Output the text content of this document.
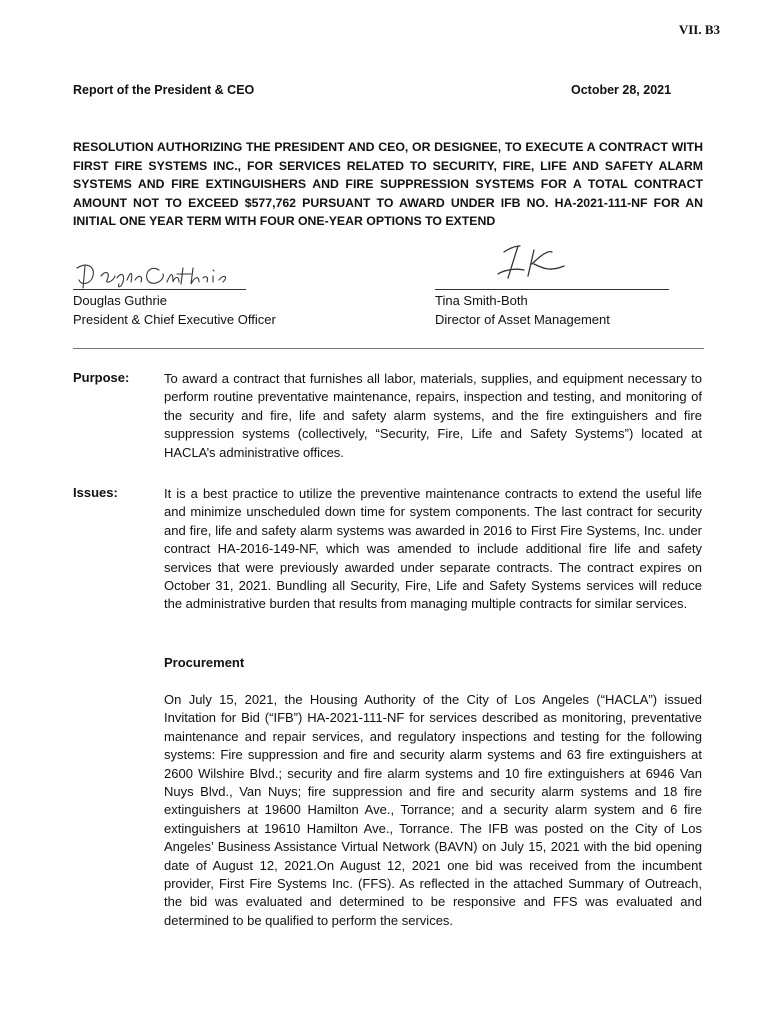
VII. B3
Report of the President & CEO	October 28, 2021
RESOLUTION AUTHORIZING THE PRESIDENT AND CEO, OR DESIGNEE, TO EXECUTE A CONTRACT WITH FIRST FIRE SYSTEMS INC., FOR SERVICES RELATED TO SECURITY, FIRE, LIFE AND SAFETY ALARM SYSTEMS AND FIRE EXTINGUISHERS AND FIRE SUPPRESSION SYSTEMS FOR A TOTAL CONTRACT AMOUNT NOT TO EXCEED $577,762 PURSUANT TO AWARD UNDER IFB NO. HA-2021-111-NF FOR AN INITIAL ONE YEAR TERM WITH FOUR ONE-YEAR OPTIONS TO EXTEND
Douglas Guthrie
President & Chief Executive Officer
Tina Smith-Both
Director of Asset Management
Purpose:	To award a contract that furnishes all labor, materials, supplies, and equipment necessary to perform routine preventative maintenance, repairs, inspection and testing, and monitoring of the security and fire, life and safety alarm systems, and the fire extinguishers and fire suppression systems (collectively, “Security, Fire, Life and Safety Systems”) located at HACLA’s administrative offices.
Issues:	It is a best practice to utilize the preventive maintenance contracts to extend the useful life and minimize unscheduled down time for system components. The last contract for security and fire, life and safety alarm systems was awarded in 2016 to First Fire Systems, Inc. under contract HA-2016-149-NF, which was amended to include additional fire life and safety services that were previously awarded under separate contracts. The contract expires on October 31, 2021. Bundling all Security, Fire, Life and Safety Systems services will reduce the administrative burden that results from managing multiple contracts for similar services.
Procurement
On July 15, 2021, the Housing Authority of the City of Los Angeles (“HACLA”) issued Invitation for Bid (“IFB”) HA-2021-111-NF for services described as monitoring, preventative maintenance and repair services, and regulatory inspections and testing for the following systems: Fire suppression and fire and security alarm systems and 63 fire extinguishers at 2600 Wilshire Blvd.; security and fire alarm systems and 10 fire extinguishers at 6946 Van Nuys Blvd., Van Nuys; fire suppression and fire and security alarm systems and 18 fire extinguishers at 19600 Hamilton Ave., Torrance; and a security alarm system and 6 fire extinguishers at 19610 Hamilton Ave., Torrance. The IFB was posted on the City of Los Angeles’ Business Assistance Virtual Network (BAVN) on July 15, 2021 with the bid opening date of August 12, 2021.On August 12, 2021 one bid was received from the incumbent provider, First Fire Systems Inc. (FFS). As reflected in the attached Summary of Outreach, the bid was evaluated and determined to be responsive and FFS was evaluated and determined to be qualified to perform the services.
